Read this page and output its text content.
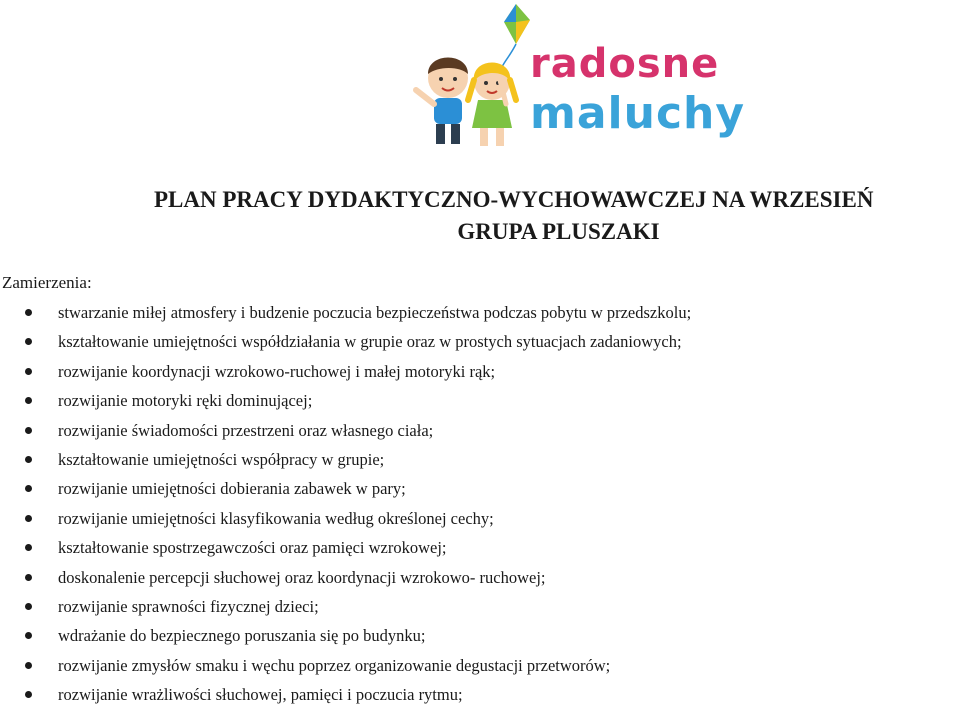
radosne
maluchy
PLAN PRACY DYDAKTYCZNO-WYCHOWAWCZEJ NA WRZESIEŃ
GRUPA PLUSZAKI
Zamierzenia:
stwarzanie miłej atmosfery i budzenie poczucia bezpieczeństwa podczas pobytu w przedszkolu;
kształtowanie umiejętności współdziałania w grupie oraz w prostych sytuacjach zadaniowych;
rozwijanie koordynacji wzrokowo-ruchowej i małej motoryki rąk;
rozwijanie motoryki ręki dominującej;
rozwijanie świadomości przestrzeni oraz własnego ciała;
kształtowanie umiejętności współpracy w grupie;
rozwijanie umiejętności dobierania zabawek w pary;
rozwijanie umiejętności klasyfikowania według określonej cechy;
kształtowanie spostrzegawczości oraz pamięci wzrokowej;
doskonalenie percepcji słuchowej oraz koordynacji wzrokowo- ruchowej;
rozwijanie sprawności fizycznej dzieci;
wdrażanie do bezpiecznego poruszania się po budynku;
rozwijanie zmysłów smaku i węchu poprzez organizowanie degustacji przetworów;
rozwijanie wrażliwości słuchowej, pamięci i poczucia rytmu;
